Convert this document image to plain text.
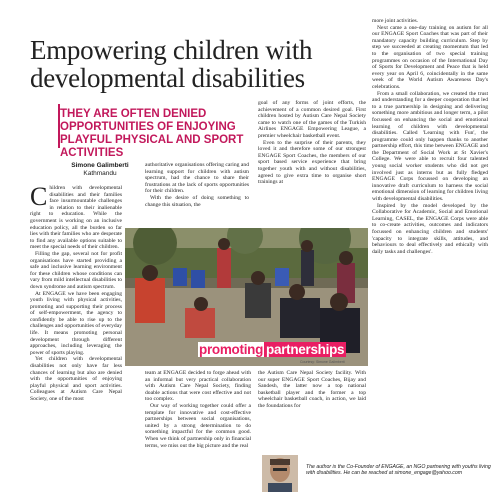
Empowering children with developmental disabilities
THEY ARE OFTEN DENIED OPPORTUNITIES OF ENJOYING PLAYFUL PHYSICAL AND SPORT ACTIVITIES
Simone Galimberti
Kathmandu
C hildren with developmental disabilities and their families face insurmountable challenges in relation to their inalienable right to education. While the government is working on an inclusive education policy, all the burden so far lies with their families who are desperate to find any available options suitable to meet the special needs of their children.

Filling the gap, several not for profit organisations have started providing a safe and inclusive learning environment for these children whose conditions can vary from mild intellectual disabilities to down syndrome and autism spectrum.

At ENGAGE we have been engaging youth living with physical activities, promoting and supporting their process of self-empowerment, the agency to confidently be able to rise up to the challenges and opportunities of everyday life. It means promoting personal development through different approaches, including leveraging the power of sports playing.

Yet children with developmental disabilities not only have far less chances of learning but also are denied with the opportunities of enjoying playful physical and sport activities. Colleagues at Autism Care Nepal Society, one of the most

authoritative organisations offering caring and learning support for children with autism spectrum, had the chance to share their frustrations at the lack of sports opportunities for their children.

With the desire of doing something to change this situation, the

goal of any forms of joint efforts, the achievement of a common desired goal. First children hosted by Autism Care Nepal Society came to watch one of the games of the Turkish Airlines ENGAGE Empowering League, a premier wheelchair basketball event.

Even to the surprise of their parents, they loved it and therefore some of our strongest ENGAGE Sport Coaches, the members of our sport based service experience that bring together youth with and without disabilities, agreed to give extra time to organise short trainings at

more joint activities.

Next came a one-day training on autism for all our ENGAGE Sport Coaches that was part of their mandatory capacity building curriculum. Step by step we succeeded at creating momentum that led to the organisation of two special training programmes on occasion of the International Day of Sports for Development and Peace that is held every year on April 6, coincidentally in the same week of the World Autism Awareness Day's celebrations.

From a small collaboration, we created the trust and understanding for a deeper cooperation that led to a true partnership in designing and delivering something more ambitious and longer term, a pilot focussed on enhancing the social and emotional learning of children with developmental disabilities. Called 'Learning with Fun', the programme could only happen thanks to another partnership effort, this time between ENGAGE and the Department of Social Work at St Xavier's College. We were able to recruit four talented young social worker students who did not get involved just as interns but as fully fledged ENGAGE Corps focussed on developing an innovative draft curriculum to harness the social emotional dimension of learning for children living with developmental disabilities.

Inspired by the model developed by the Collaborative for Academic, Social and Emotional Learning, CASEL, the ENGAGE Corps were able to co-create activities, outcomes and indicators focussed on enhancing children and students' 'capacity to integrate skills, attitudes, and behaviours to deal effectively and ethically with daily tasks and challenges'.

promoting partnerships
Courtesy: Simone Galimberti

team at ENGAGE decided to forge ahead with an informal but very practical collaboration with Autism Care Nepal Society, finding doable actions that were cost effective and not too complex.

Our way of working together could offer a template for innovative and cost-effective partnerships between social organisations, united by a strong determination to do something impactful for the common good. When we think of partnership only in financial terms, we miss out the big picture and the real

the Autism Care Nepal Society facility. With our super ENGAGE Sport Coaches, Bijay and Sandesh, the latter now a top national basketball player and the former a top wheelchair basketball coach, in action, we laid the foundations for

The author is the Co-Founder of ENGAGE, an NGO partnering with youths living with disabilities. He can be reached at simone_engage@yahoo.com
